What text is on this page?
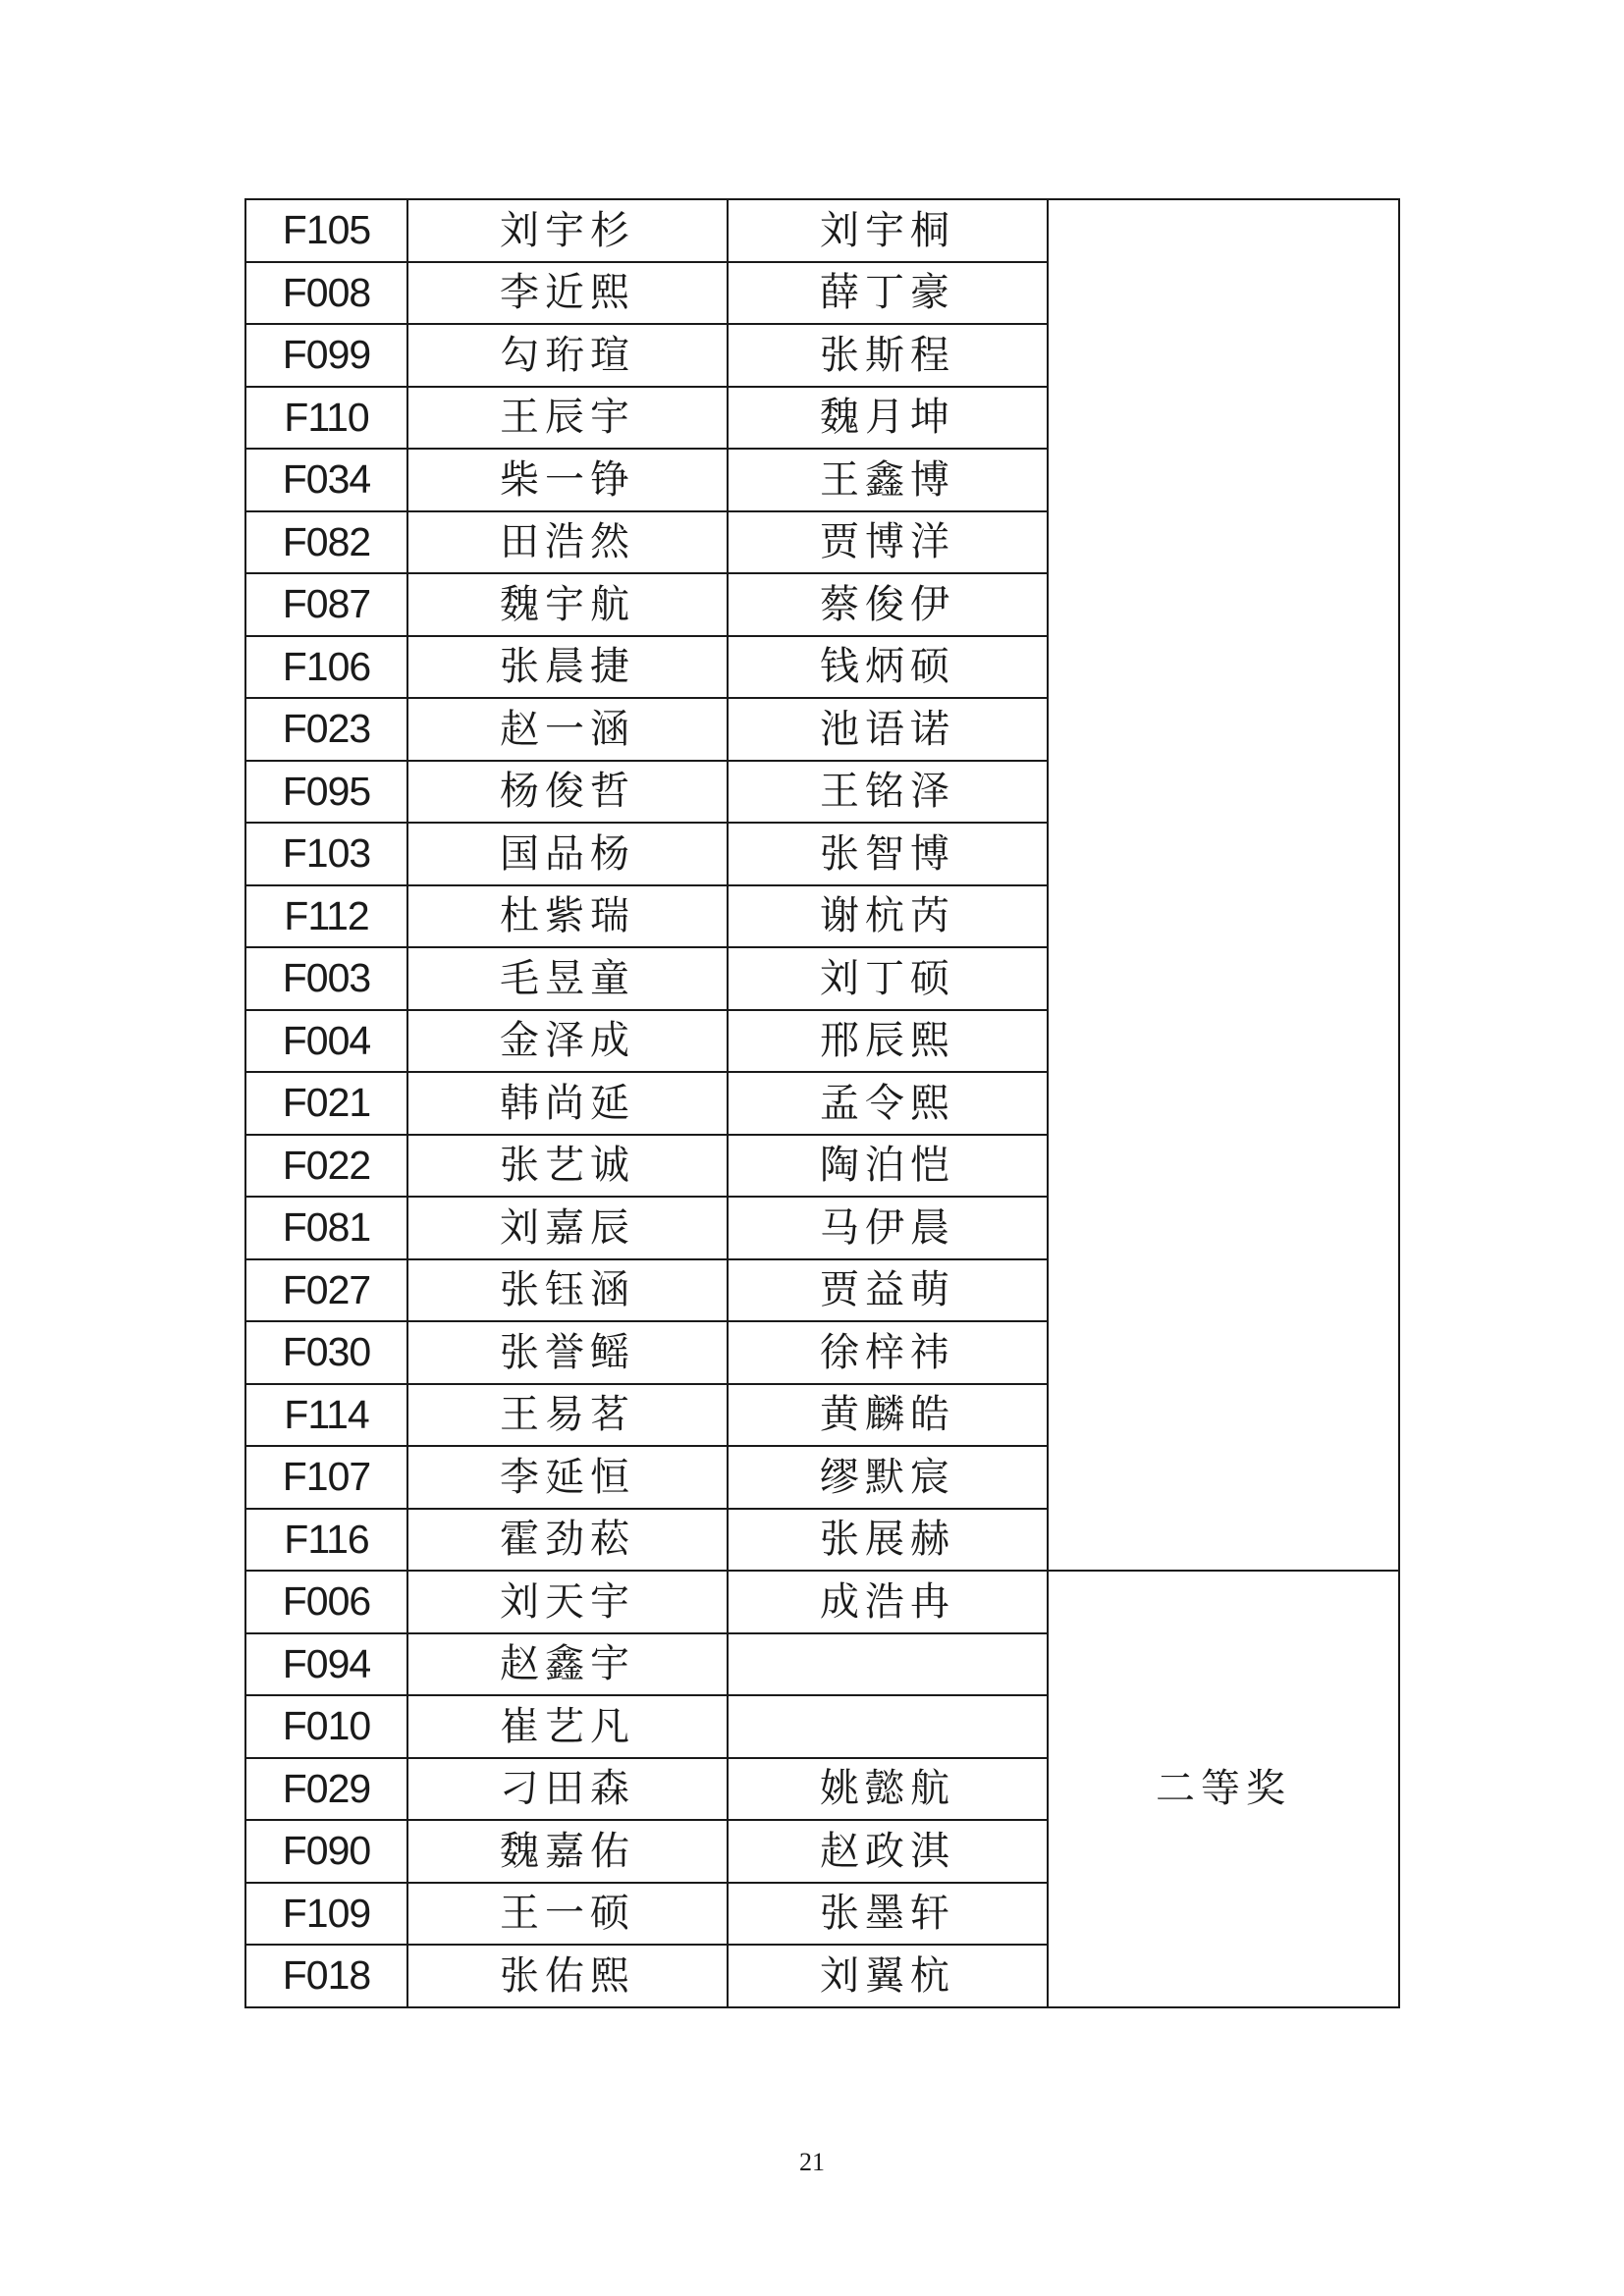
F105	刘宇杉	刘宇桐	
F008	李近熙	薛丁豪	
F099	勾珩瑄	张斯程	
F110	王辰宇	魏月坤	
F034	柴一铮	王鑫博	
F082	田浩然	贾博洋	
F087	魏宇航	蔡俊伊	
F106	张晨捷	钱炳硕	
F023	赵一涵	池语诺	
F095	杨俊哲	王铭泽	
F103	国品杨	张智博	
F112	杜紫瑞	谢杭芮	
F003	毛昱童	刘丁硕	
F004	金泽成	邢辰熙	
F021	韩尚延	孟令熙	
F022	张艺诚	陶泊恺	
F081	刘嘉辰	马伊晨	
F027	张钰涵	贾益萌	
F030	张誉鳐	徐梓祎	
F114	王易茗	黄麟皓	
F107	李延恒	缪默宸	
F116	霍劲菘	张展赫	
F006	刘天宇	成浩冉	二等奖
F094	赵鑫宇		
F010	崔艺凡		
F029	刁田森	姚懿航	
F090	魏嘉佑	赵政淇	
F109	王一硕	张墨轩	
F018	张佑熙	刘翼杭	
21
